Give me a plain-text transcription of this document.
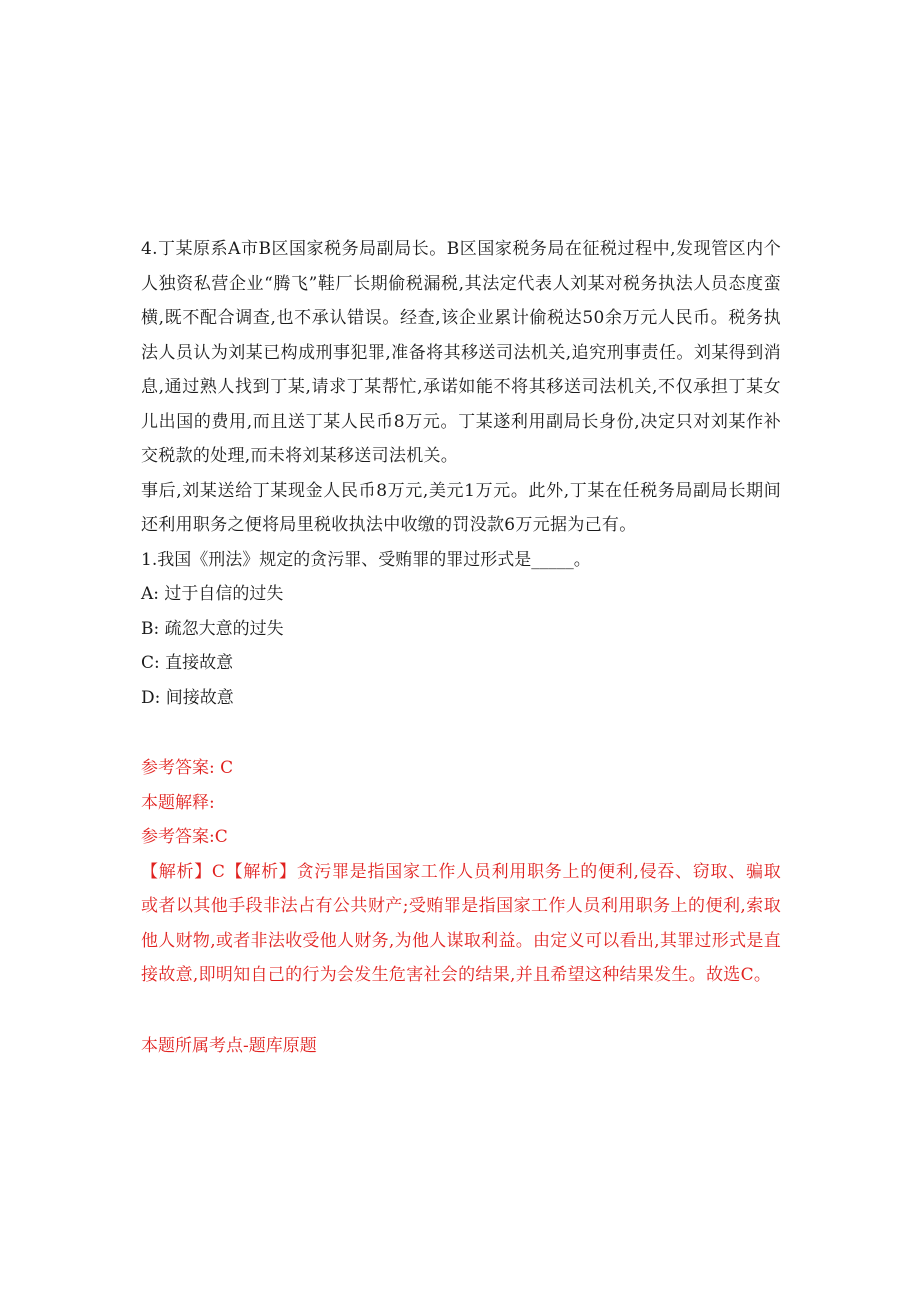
4.丁某原系A市B区国家税务局副局长。B区国家税务局在征税过程中,发现管区内个人独资私营企业“腾飞”鞋厂长期偷税漏税,其法定代表人刘某对税务执法人员态度蛮横,既不配合调查,也不承认错误。经查,该企业累计偷税达50余万元人民币。税务执法人员认为刘某已构成刑事犯罪,准备将其移送司法机关,追究刑事责任。刘某得到消息,通过熟人找到丁某,请求丁某帮忙,承诺如能不将其移送司法机关,不仅承担丁某女儿出国的费用,而且送丁某人民币8万元。丁某遂利用副局长身份,决定只对刘某作补交税款的处理,而未将刘某移送司法机关。

事后,刘某送给丁某现金人民币8万元,美元1万元。此外,丁某在任税务局副局长期间还利用职务之便将局里税收执法中收缴的罚没款6万元据为己有。

1.我国《刑法》规定的贪污罪、受贿罪的罪过形式是_____。

A: 过于自信的过失

B: 疏忽大意的过失

C: 直接故意

D: 间接故意

参考答案: C

本题解释:

参考答案:C

【解析】C【解析】贪污罪是指国家工作人员利用职务上的便利,侵吞、窃取、骗取或者以其他手段非法占有公共财产;受贿罪是指国家工作人员利用职务上的便利,索取他人财物,或者非法收受他人财务,为他人谋取利益。由定义可以看出,其罪过形式是直接故意,即明知自己的行为会发生危害社会的结果,并且希望这种结果发生。故选C。

本题所属考点-题库原题
